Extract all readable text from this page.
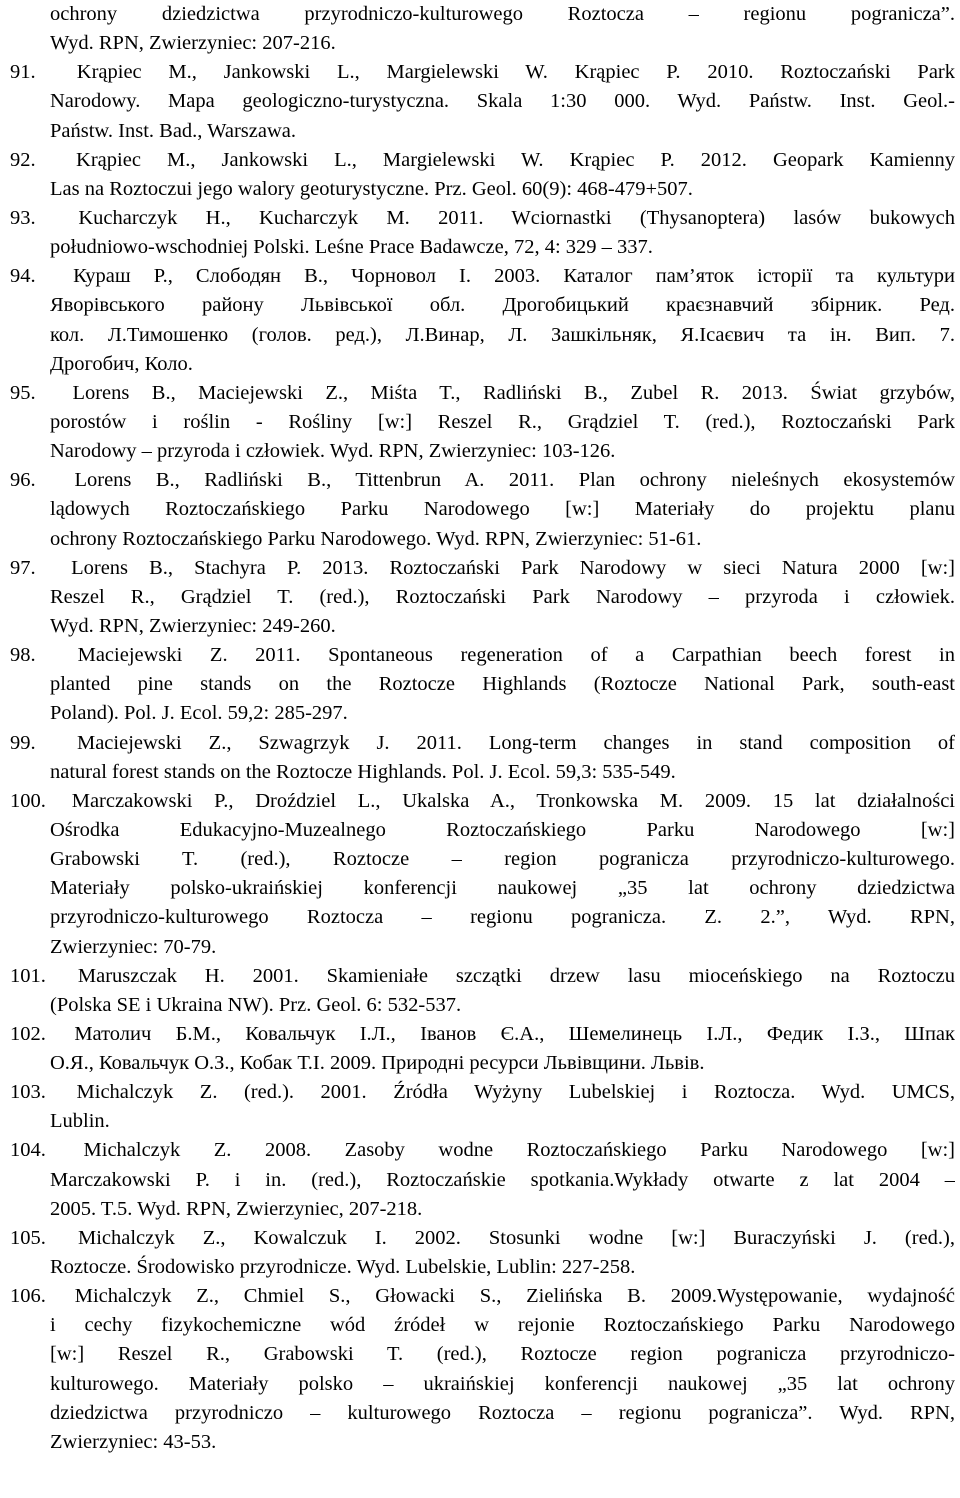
ochrony dziedzictwa przyrodniczo-kulturowego Roztocza – regionu pogranicza”.
Wyd. RPN, Zwierzyniec: 207-216.
91. Krąpiec M., Jankowski L., Margielewski W. Krąpiec P. 2010. Roztoczański Park
Narodowy. Mapa geologiczno-turystyczna. Skala 1:30 000. Wyd. Państw. Inst. Geol.-
Państw. Inst. Bad., Warszawa.
92. Krąpiec M., Jankowski L., Margielewski W. Krąpiec P. 2012. Geopark Kamienny
Las na Roztoczui jego walory geoturystyczne. Prz. Geol. 60(9): 468-479+507.
93. Kucharczyk H., Kucharczyk M. 2011. Wciornastki (Thysanoptera) lasów bukowych
południowo-wschodniej Polski. Leśne Prace Badawcze, 72, 4: 329 – 337.
94. Кураш Р., Слободян В., Чорновол І. 2003. Каталог пам’яток історії та культури
Яворівського району Львівської обл. Дрогобицький краєзнавчий збірник. Ред.
кол. Л.Тимошенко (голов. ред.), Л.Винар, Л. Зашкільняк, Я.Ісаєвич та ін. Вип. 7.
Дрогобич, Коло.
95. Lorens B., Maciejewski Z., Miśta T., Radliński B., Zubel R. 2013. Świat grzybów,
porostów i roślin - Rośliny [w:] Reszel R., Grądziel T. (red.), Roztoczański Park
Narodowy – przyroda i człowiek. Wyd. RPN, Zwierzyniec: 103-126.
96. Lorens B., Radliński B., Tittenbrun A. 2011. Plan ochrony nieleśnych ekosystemów
lądowych Roztoczańskiego Parku Narodowego [w:] Materiały do projektu planu
ochrony Roztoczańskiego Parku Narodowego. Wyd. RPN, Zwierzyniec: 51-61.
97. Lorens B., Stachyra P. 2013. Roztoczański Park Narodowy w sieci Natura 2000 [w:]
Reszel R., Grądziel T. (red.), Roztoczański Park Narodowy – przyroda i człowiek.
Wyd. RPN, Zwierzyniec: 249-260.
98. Maciejewski Z. 2011. Spontaneous regeneration of a Carpathian beech forest in
planted pine stands on the Roztocze Highlands (Roztocze National Park, south-east
Poland). Pol. J. Ecol. 59,2: 285-297.
99. Maciejewski Z., Szwagrzyk J. 2011. Long-term changes in stand composition of
natural forest stands on the Roztocze Highlands. Pol. J. Ecol. 59,3: 535-549.
100. Marczakowski P., Droździel L., Ukalska A., Tronkowska M. 2009. 15 lat działalności
Ośrodka Edukacyjno-Muzealnego Roztoczańskiego Parku Narodowego [w:]
Grabowski T. (red.), Roztocze – region pogranicza przyrodniczo-kulturowego.
Materiały polsko-ukraińskiej konferencji naukowej „35 lat ochrony dziedzictwa
przyrodniczo-kulturowego Roztocza – regionu pogranicza. Z. 2.”, Wyd. RPN,
Zwierzyniec: 70-79.
101. Maruszczak H. 2001. Skamieniałe szczątki drzew lasu mioceńskiego na Roztoczu
(Polska SE i Ukraina NW). Prz. Geol. 6: 532-537.
102. Матолич Б.М., Ковальчук І.Л., Іванов Є.А., Шемелинець І.Л., Федик І.З., Шпак
О.Я., Ковальчук О.З., Кобак Т.І. 2009. Природні ресурси Львівщини. Львів.
103. Michalczyk Z. (red.). 2001. Źródła Wyżyny Lubelskiej i Roztocza. Wyd. UMCS,
Lublin.
104. Michalczyk Z. 2008. Zasoby wodne Roztoczańskiego Parku Narodowego [w:]
Marczakowski P. i in. (red.), Roztoczańskie spotkania.Wykłady otwarte z lat 2004 –
2005. T.5. Wyd. RPN, Zwierzyniec, 207-218.
105. Michalczyk Z., Kowalczuk I. 2002. Stosunki wodne [w:] Buraczyński J. (red.),
Roztocze. Środowisko przyrodnicze. Wyd. Lubelskie, Lublin: 227-258.
106. Michalczyk Z., Chmiel S., Głowacki S., Zielińska B. 2009.Występowanie, wydajność
i cechy fizykochemiczne wód źródeł w rejonie Roztoczańskiego Parku Narodowego
[w:] Reszel R., Grabowski T. (red.), Roztocze region pogranicza przyrodniczo-
kulturowego. Materiały polsko – ukraińskiej konferencji naukowej „35 lat ochrony
dziedzictwa przyrodniczo – kulturowego Roztocza – regionu pogranicza”. Wyd. RPN,
Zwierzyniec: 43-53.
